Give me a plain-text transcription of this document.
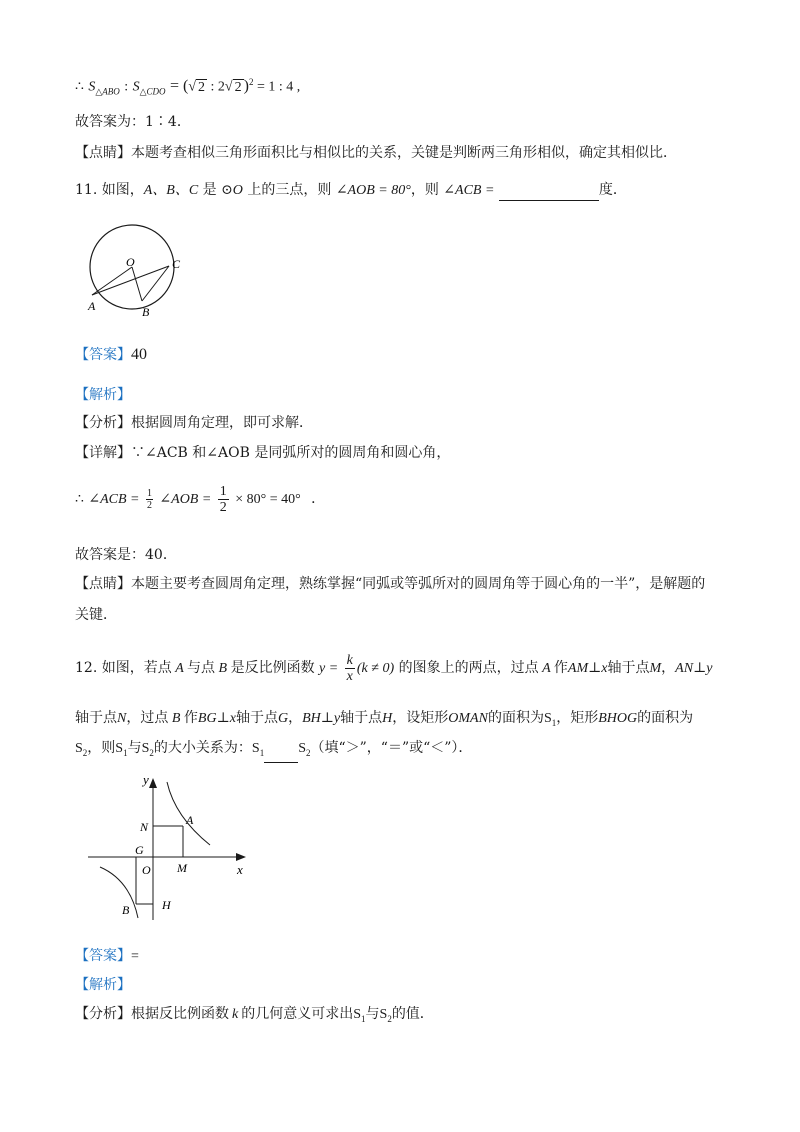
∴ $S_{\triangle ABO}$ : $S_{\triangle CDO}$ = (√ 2 : 2√ 2 )$^2$ = 1 : 4 ,
故答案为：1∶4．
【点睛】本题考查相似三角形面积比与相似比的关系，关键是判断两三角形相似，确定其相似比．
11. 如图，A、B、C 是 ⊙O 上的三点，则 ∠AOB = 80°，则 ∠ACB =	度．
O	C
A	B
【答案】40
【解析】
【分析】根据圆周角定理，即可求解．
【详解】∵∠ACB 和∠AOB 是同弧所对的圆周角和圆心角，
∴ ∠ACB = $\frac{1}{2}$ ∠AOB = $\frac{1}{2} \times 80^\circ = 40^\circ$ ．
故答案是：40．
【点睛】本题主要考查圆周角定理，熟练掌握“同弧或等弧所对的圆周角等于圆心角的一半”，是解题的
关键．
12. 如图，若点 A 与点 B 是反比例函数 $y = \frac{k}{x} (k \ne 0)$ 的图象上的两点，过点 A 作AM⊥x轴于点M，AN⊥y
轴于点N，过点 B 作BG⊥x轴于点G，BH⊥y轴于点H，设矩形OMAN的面积为$S_1$，矩形BHOG的面积为
$S_2$，则$S_1$与$S_2$的大小关系为：$S_1$ $S_2$（填“＞”，“＝”或“＜”）．
y
x
N	A
G
O M
B	H
【答案】=
【解析】
【分析】根据反比例函数 k 的几何意义可求出$S_1$与$S_2$的值．
